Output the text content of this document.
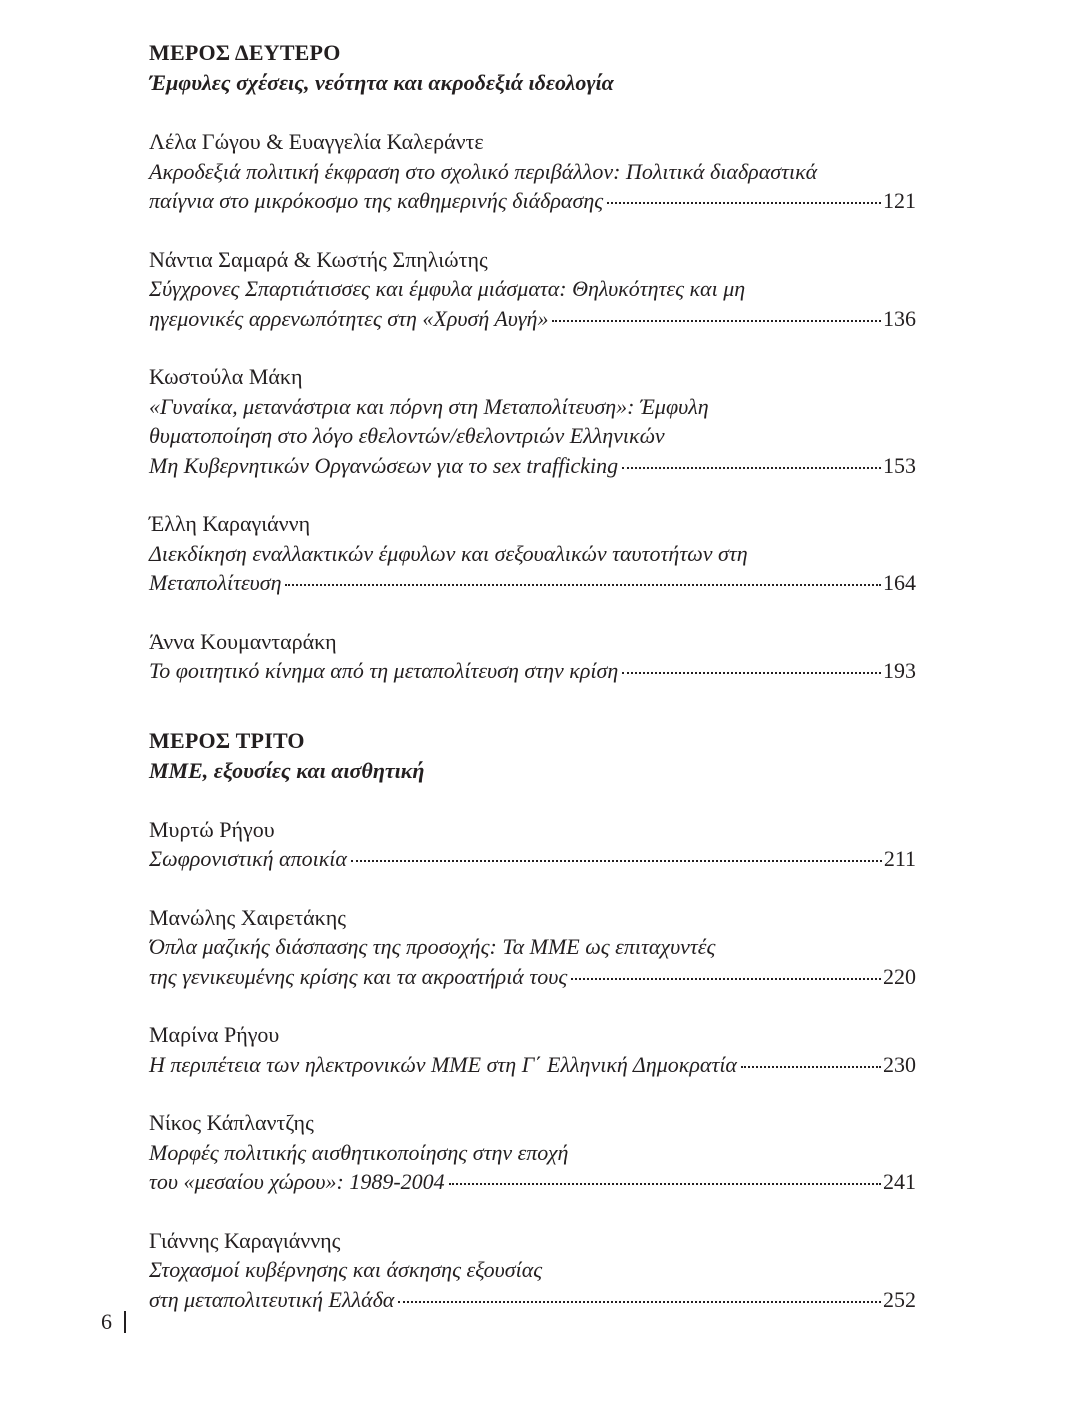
ΜΕΡΟΣ ΔΕΥΤΕΡΟ
Έμφυλες σχέσεις, νεότητα και ακροδεξιά ιδεολογία
Λέλα Γώγου & Ευαγγελία Καλεράντε
Ακροδεξιά πολιτική έκφραση στο σχολικό περιβάλλον: Πολιτικά διαδραστικά
παίγνια στο μικρόκοσμο της καθημερινής διάδρασης	121
Νάντια Σαμαρά & Κωστής Σπηλιώτης
Σύγχρονες Σπαρτιάτισσες και έμφυλα μιάσματα: Θηλυκότητες και μη
ηγεμονικές αρρενωπότητες στη «Χρυσή Αυγή»	136
Κωστούλα Μάκη
«Γυναίκα, μετανάστρια και πόρνη στη Μεταπολίτευση»: Έμφυλη
θυματοποίηση στο λόγο εθελοντών/εθελοντριών Ελληνικών
Μη Κυβερνητικών Οργανώσεων για το sex trafficking	153
Έλλη Καραγιάννη
Διεκδίκηση εναλλακτικών έμφυλων και σεξουαλικών ταυτοτήτων στη
Μεταπολίτευση	164
Άννα Κουμανταράκη
Το φοιτητικό κίνημα από τη μεταπολίτευση στην κρίση	193
ΜΕΡΟΣ ΤΡΙΤΟ
ΜΜΕ, εξουσίες και αισθητική
Μυρτώ Ρήγου
Σωφρονιστική αποικία	211
Μανώλης Χαιρετάκης
Όπλα μαζικής διάσπασης της προσοχής: Τα ΜΜΕ ως επιταχυντές
της γενικευμένης κρίσης και τα ακροατήριά τους	220
Μαρίνα Ρήγου
Η περιπέτεια των ηλεκτρονικών ΜΜΕ στη Γ΄ Ελληνική Δημοκρατία	230
Νίκος Κάπλαντζης
Μορφές πολιτικής αισθητικοποίησης στην εποχή
του «μεσαίου χώρου»: 1989-2004	241
Γιάννης Καραγιάννης
Στοχασμοί κυβέρνησης και άσκησης εξουσίας
στη μεταπολιτευτική Ελλάδα	252
6
